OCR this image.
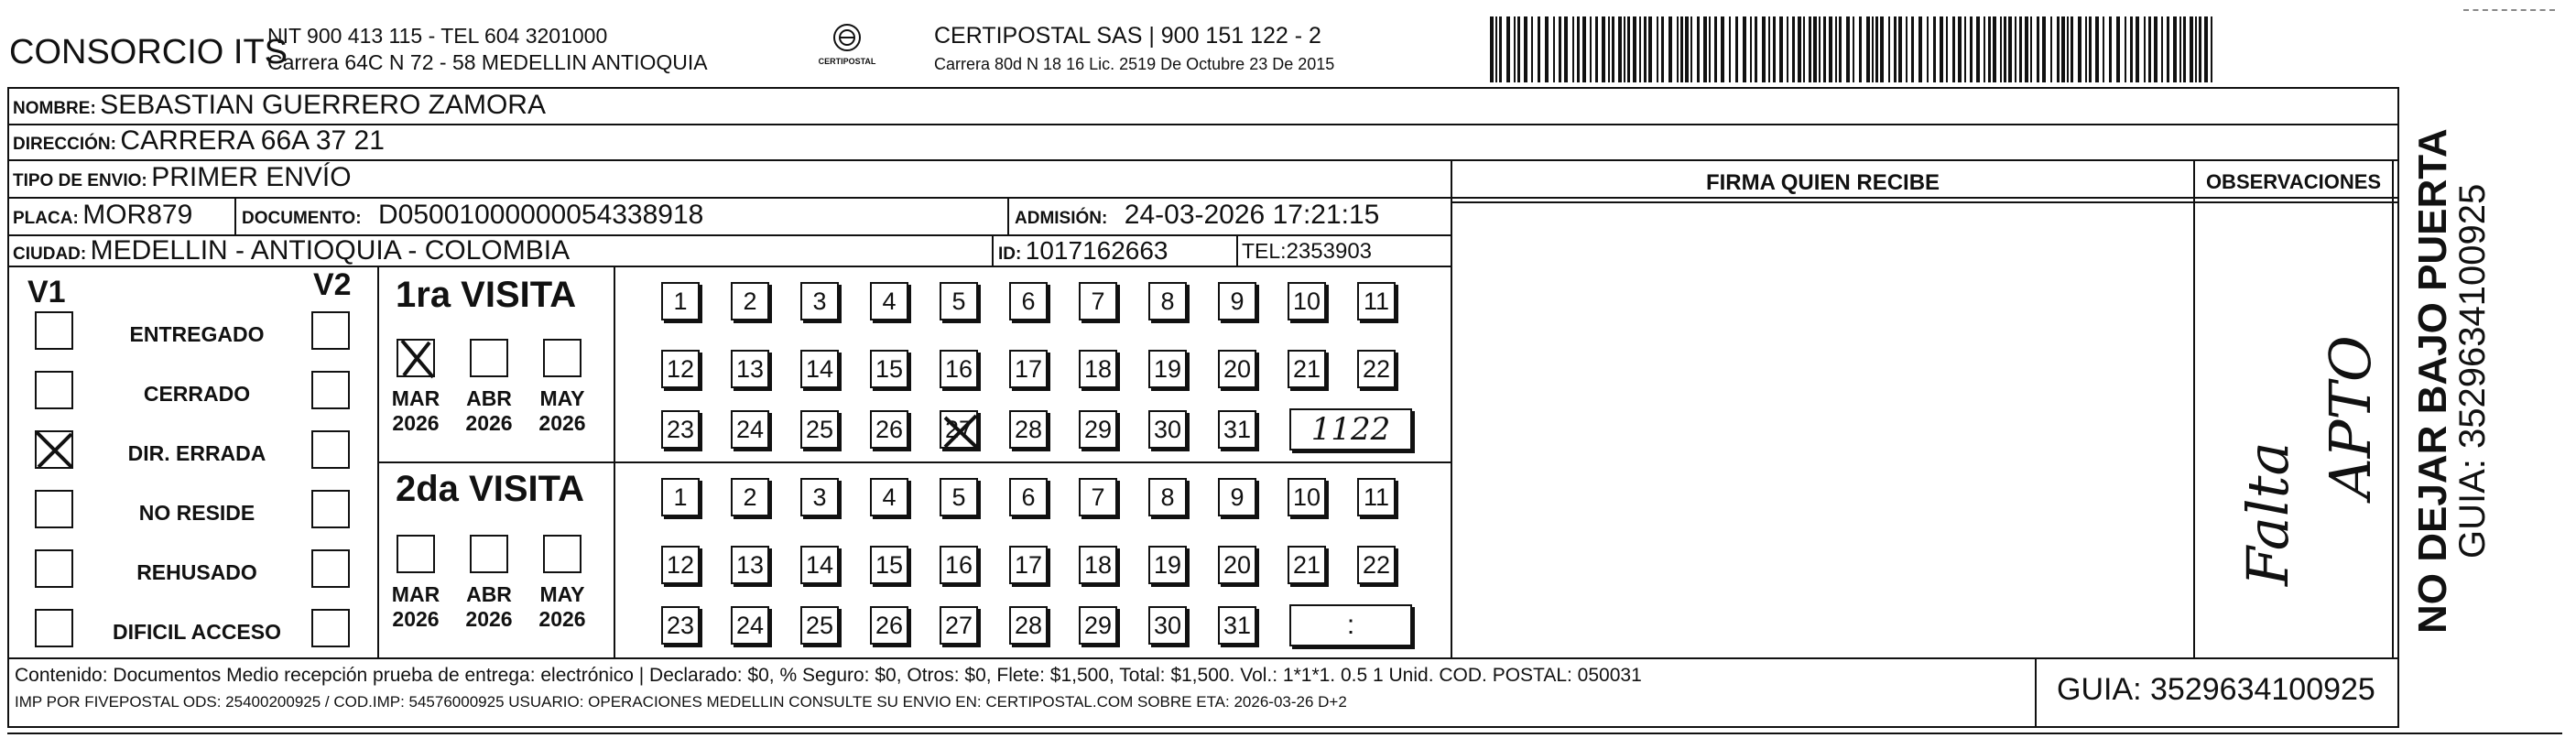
CONSORCIO ITS
NIT 900 413 115 - TEL 604 3201000
Carrera 64C N 72 - 58 MEDELLIN ANTIOQUIA	CERTIPOSTAL
CERTIPOSTAL SAS | 900 151 122 - 2
Carrera 80d N 18 16 Lic. 2519 De Octubre 23 De 2015
NOMBRE: SEBASTIAN GUERRERO ZAMORA
DIRECCIÓN: CARRERA 66A 37 21
TIPO DE ENVIO: PRIMER ENVÍO	FIRMA QUIEN RECIBE	OBSERVACIONES
PLACA: MOR879	DOCUMENTO: D05001000000054338918	ADMISIÓN: 24-03-2026 17:21:15
CIUDAD: MEDELLIN - ANTIOQUIA - COLOMBIA	ID: 1017162663	TEL:2353903
V1	V2
ENTREGADO
CERRADO
DIR. ERRADA
NO RESIDE
REHUSADO
DIFICIL ACCESO
1ra VISITA
MAR
2026
ABR
2026
MAY
2026
1 2 3 4 5 6 7 8 9 10 11
12 13 14 15 16 17 18 19 20 21 22
23 24 25 26 27 28 29 30 31 1122
2da VISITA
MAR
2026
ABR
2026
MAY
2026
1 2 3 4 5 6 7 8 9 10 11
12 13 14 15 16 17 18 19 20 21 22
23 24 25 26 27 28 29 30 31	:
Falta
APTO
Contenido: Documentos Medio recepción prueba de entrega: electrónico | Declarado: $0, % Seguro: $0, Otros: $0, Flete: $1,500, Total: $1,500. Vol.: 1*1*1. 0.5 1 Unid. COD. POSTAL: 050031
IMP POR FIVEPOSTAL ODS: 25400200925 / COD.IMP: 54576000925 USUARIO: OPERACIONES MEDELLIN CONSULTE SU ENVIO EN: CERTIPOSTAL.COM SOBRE ETA: 2026-03-26 D+2	GUIA: 3529634100925
NO DEJAR BAJO PUERTA
GUIA: 3529634100925
